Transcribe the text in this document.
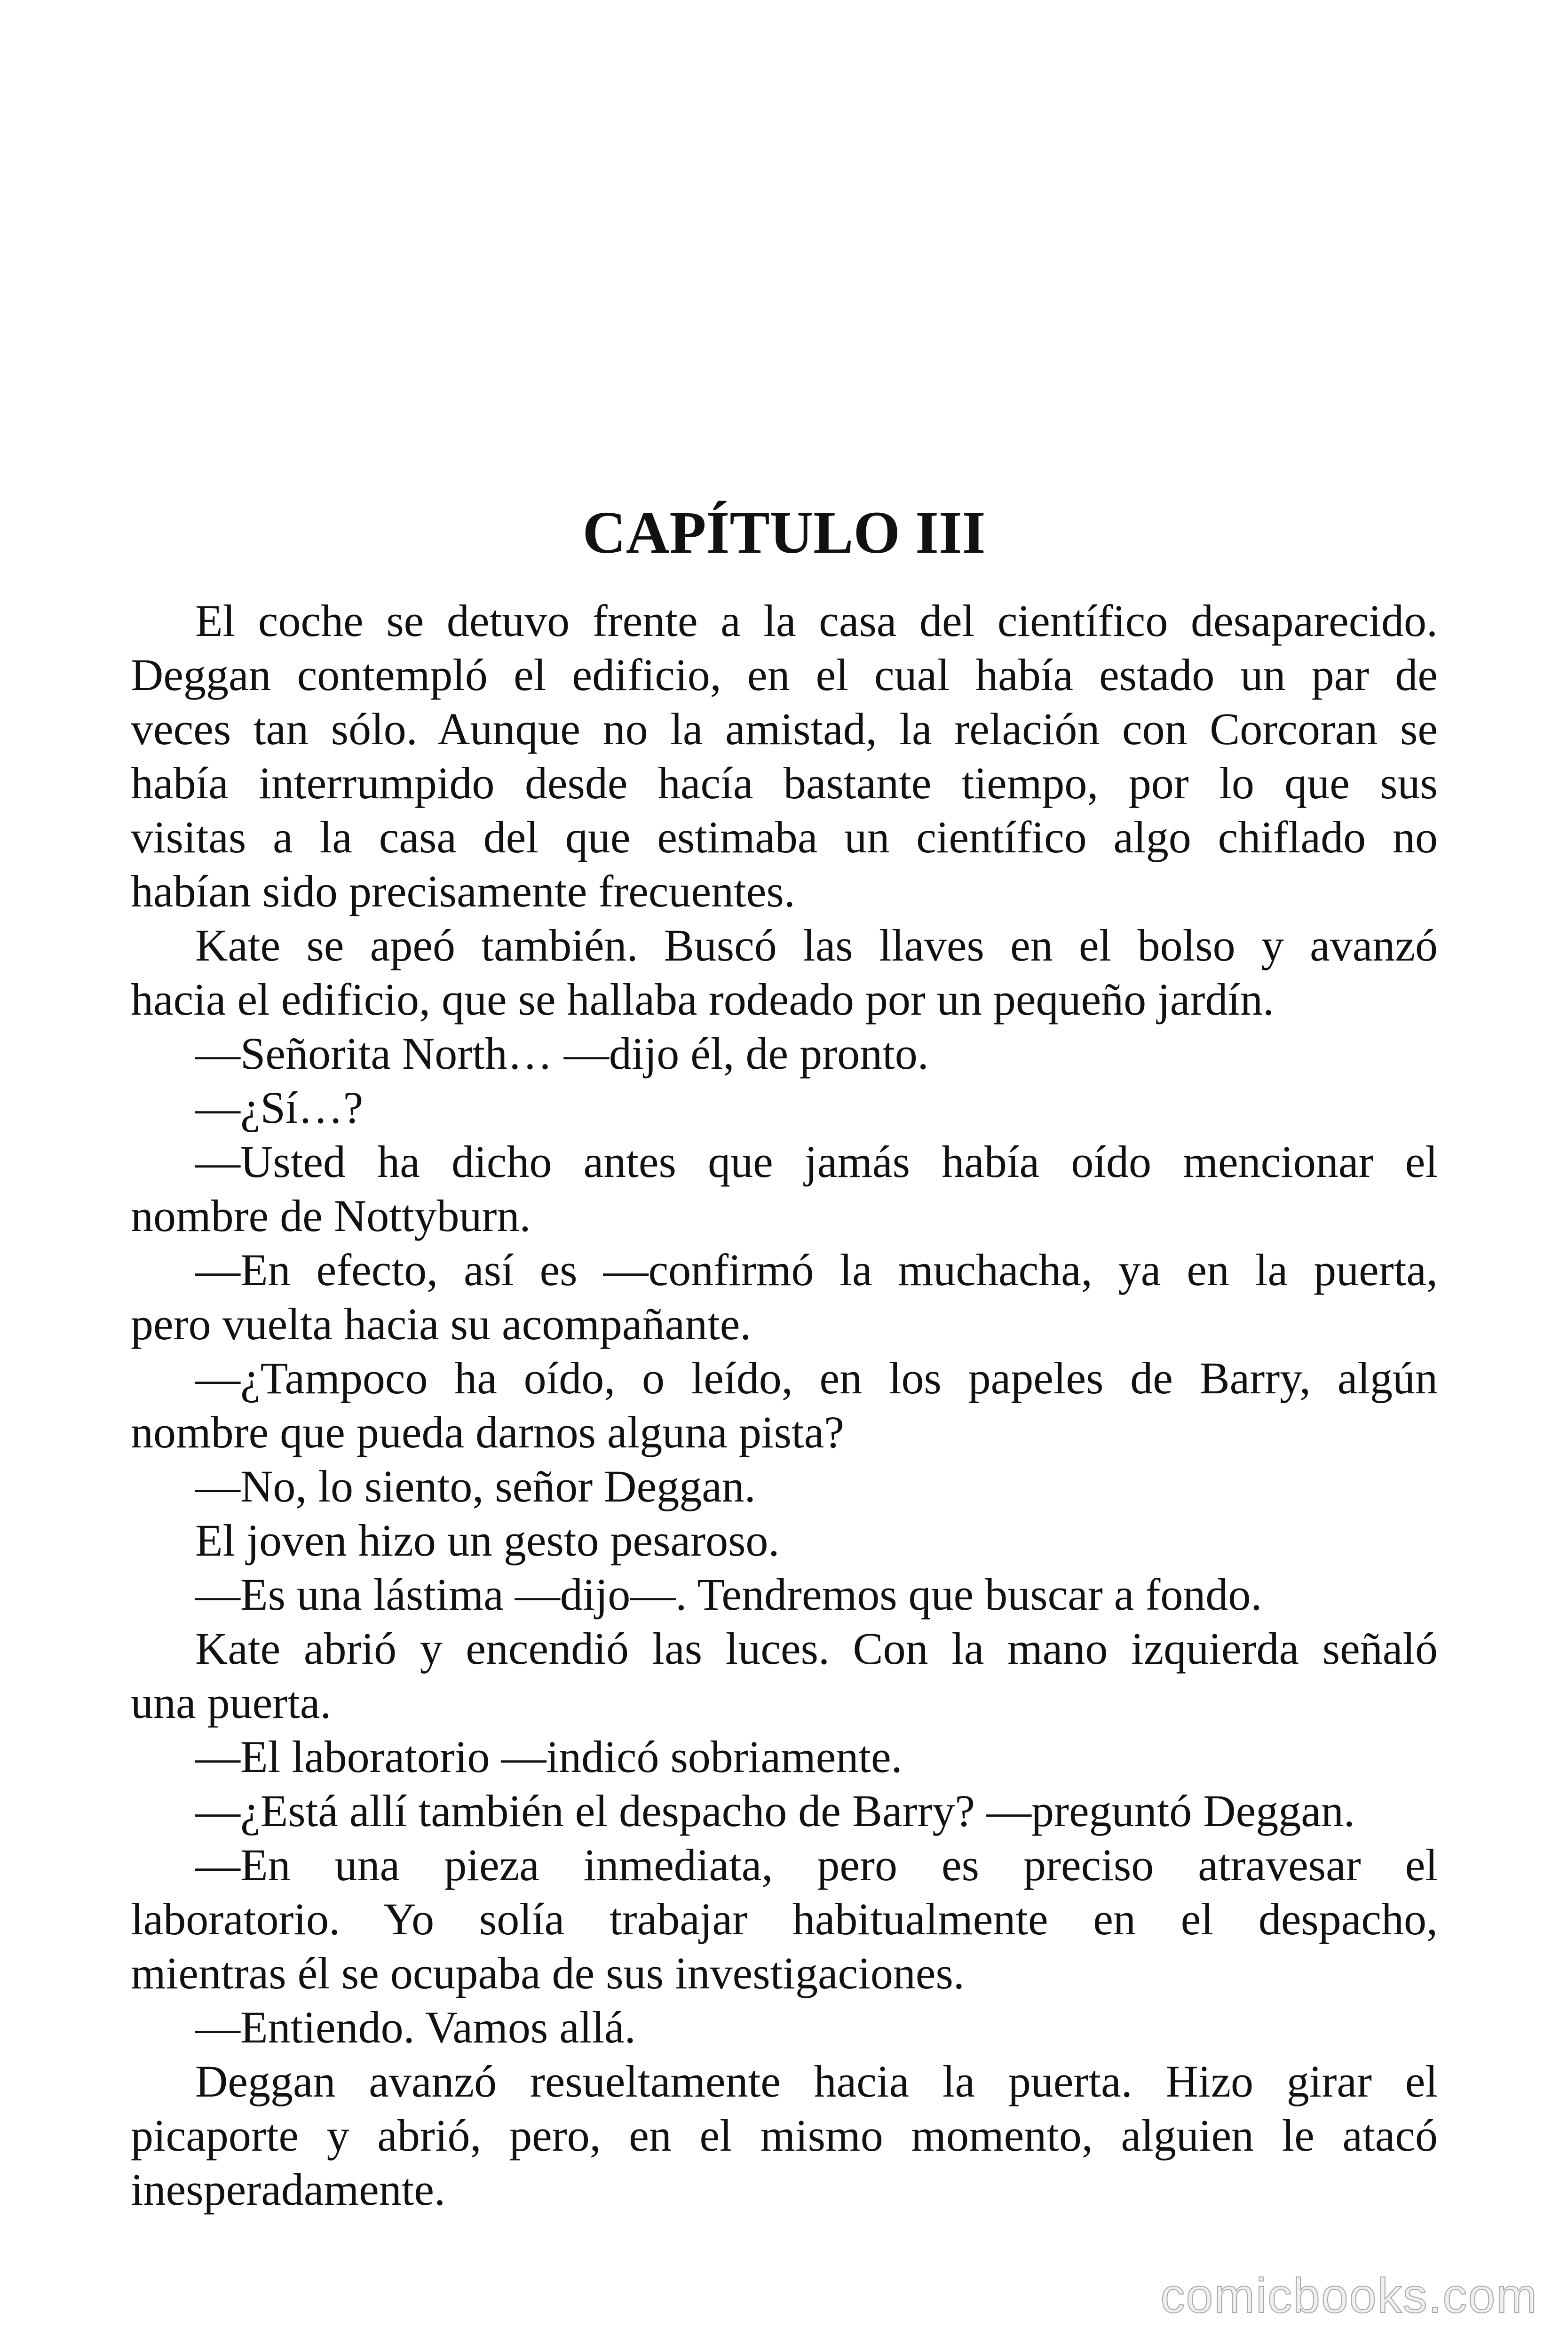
CAPÍTULO III
El coche se detuvo frente a la casa del científico desaparecido.
Deggan contempló el edificio, en el cual había estado un par de
veces tan sólo. Aunque no la amistad, la relación con Corcoran se
había interrumpido desde hacía bastante tiempo, por lo que sus
visitas a la casa del que estimaba un científico algo chiflado no
habían sido precisamente frecuentes.
Kate se apeó también. Buscó las llaves en el bolso y avanzó
hacia el edificio, que se hallaba rodeado por un pequeño jardín.
—Señorita North… —dijo él, de pronto.
—¿Sí…?
—Usted ha dicho antes que jamás había oído mencionar el
nombre de Nottyburn.
—En efecto, así es —confirmó la muchacha, ya en la puerta,
pero vuelta hacia su acompañante.
—¿Tampoco ha oído, o leído, en los papeles de Barry, algún
nombre que pueda darnos alguna pista?
—No, lo siento, señor Deggan.
El joven hizo un gesto pesaroso.
—Es una lástima —dijo—. Tendremos que buscar a fondo.
Kate abrió y encendió las luces. Con la mano izquierda señaló
una puerta.
—El laboratorio —indicó sobriamente.
—¿Está allí también el despacho de Barry? —preguntó Deggan.
—En una pieza inmediata, pero es preciso atravesar el
laboratorio. Yo solía trabajar habitualmente en el despacho,
mientras él se ocupaba de sus investigaciones.
—Entiendo. Vamos allá.
Deggan avanzó resueltamente hacia la puerta. Hizo girar el
picaporte y abrió, pero, en el mismo momento, alguien le atacó
inesperadamente.
comicbooks.com
